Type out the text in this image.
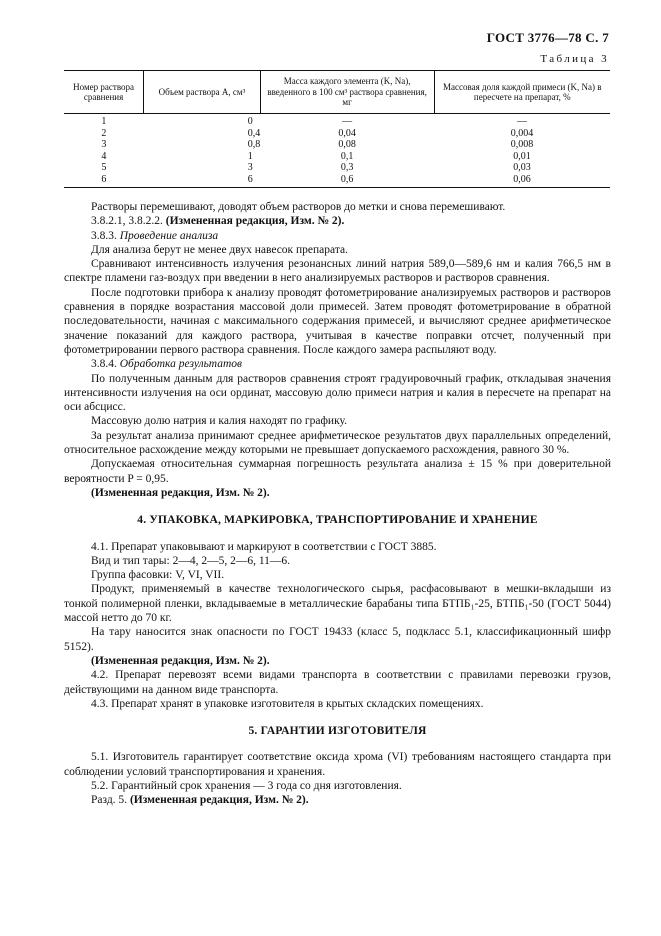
ГОСТ 3776—78 С. 7
Таблица 3
Номер раствора сравнения	Объем раствора А, см³	Масса каждого элемента (K, Na), введенного в 100 см³ раствора сравнения, мг	Массовая доля каждой примеси (K, Na) в пересчете на препарат, %
1	0	—	—
2	0,4	0,04	0,004
3	0,8	0,08	0,008
4	1	0,1	0,01
5	3	0,3	0,03
6	6	0,6	0,06

Растворы перемешивают, доводят объем растворов до метки и снова перемешивают.

3.8.2.1, 3.8.2.2. (Измененная редакция, Изм. № 2).

3.8.3. Проведение анализа

Для анализа берут не менее двух навесок препарата.

Сравнивают интенсивность излучения резонансных линий натрия 589,0—589,6 нм и калия 766,5 нм в спектре пламени газ-воздух при введении в него анализируемых растворов и растворов сравнения.

После подготовки прибора к анализу проводят фотометрирование анализируемых растворов и растворов сравнения в порядке возрастания массовой доли примесей. Затем проводят фотометрирование в обратной последовательности, начиная с максимального содержания примесей, и вычисляют среднее арифметическое значение показаний для каждого раствора, учитывая в качестве поправки отсчет, полученный при фотометрировании первого раствора сравнения. После каждого замера распыляют воду.

3.8.4. Обработка результатов

По полученным данным для растворов сравнения строят градуировочный график, откладывая значения интенсивности излучения на оси ординат, массовую долю примеси натрия и калия в пересчете на препарат на оси абсцисс.

Массовую долю натрия и калия находят по графику.

За результат анализа принимают среднее арифметическое результатов двух параллельных определений, относительное расхождение между которыми не превышает допускаемого расхождения, равного 30 %.

Допускаемая относительная суммарная погрешность результата анализа ± 15 % при доверительной вероятности P = 0,95.

(Измененная редакция, Изм. № 2).

4. УПАКОВКА, МАРКИРОВКА, ТРАНСПОРТИРОВАНИЕ И ХРАНЕНИЕ

4.1. Препарат упаковывают и маркируют в соответствии с ГОСТ 3885.

Вид и тип тары: 2—4, 2—5, 2—6, 11—6.

Группа фасовки: V, VI, VII.

Продукт, применяемый в качестве технологического сырья, расфасовывают в мешки-вкладыши из тонкой полимерной пленки, вкладываемые в металлические барабаны типа БТПБ₁-25, БТПБ₁-50 (ГОСТ 5044) массой нетто до 70 кг.

На тару наносится знак опасности по ГОСТ 19433 (класс 5, подкласс 5.1, классификационный шифр 5152).

(Измененная редакция, Изм. № 2).

4.2. Препарат перевозят всеми видами транспорта в соответствии с правилами перевозки грузов, действующими на данном виде транспорта.

4.3. Препарат хранят в упаковке изготовителя в крытых складских помещениях.

5. ГАРАНТИИ ИЗГОТОВИТЕЛЯ

5.1. Изготовитель гарантирует соответствие оксида хрома (VI) требованиям настоящего стандарта при соблюдении условий транспортирования и хранения.

5.2. Гарантийный срок хранения — 3 года со дня изготовления.

Разд. 5. (Измененная редакция, Изм. № 2).
